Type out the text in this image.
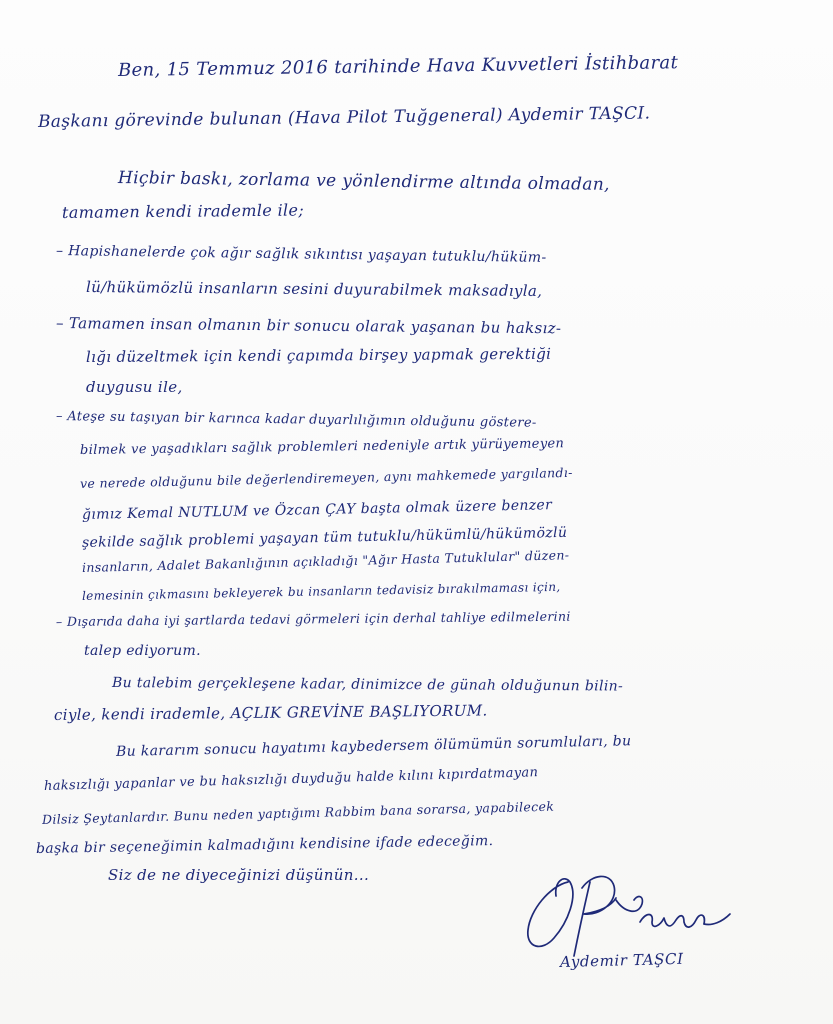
Ben, 15 Temmuz 2016 tarihinde Hava Kuvvetleri İstihbarat

Başkanı görevinde bulunan (Hava Pilot Tuğgeneral) Aydemir TAŞCI.

Hiçbir baskı, zorlama ve yönlendirme altında olmadan,

tamamen kendi irademle ile;

– Hapishanelerde çok ağır sağlık sıkıntısı yaşayan tutuklu/hüküm-

lü/hükümözlü insanların sesini duyurabilmek maksadıyla,

– Tamamen insan olmanın bir sonucu olarak yaşanan bu haksız-

lığı düzeltmek için kendi çapımda birşey yapmak gerektiği

duygusu ile,

– Ateşe su taşıyan bir karınca kadar duyarlılığımın olduğunu göstere-

bilmek ve yaşadıkları sağlık problemleri nedeniyle artık yürüyemeyen

ve nerede olduğunu bile değerlendiremeyen, aynı mahkemede yargılandı-

ğımız Kemal NUTLUM ve Özcan ÇAY başta olmak üzere benzer

şekilde sağlık problemi yaşayan tüm tutuklu/hükümlü/hükümözlü

insanların, Adalet Bakanlığının açıkladığı "Ağır Hasta Tutuklular" düzen-

lemesinin çıkmasını bekleyerek bu insanların tedavisiz bırakılmaması için,

– Dışarıda daha iyi şartlarda tedavi görmeleri için derhal tahliye edilmelerini

talep ediyorum.

Bu talebim gerçekleşene kadar, dinimizce de günah olduğunun bilin-

ciyle, kendi irademle, AÇLIK GREVİNE BAŞLIYORUM.

Bu kararım sonucu hayatımı kaybedersem ölümümün sorumluları, bu

haksızlığı yapanlar ve bu haksızlığı duyduğu halde kılını kıpırdatmayan

Dilsiz Şeytanlardır. Bunu neden yaptığımı Rabbim bana sorarsa, yapabilecek

başka bir seçeneğimin kalmadığını kendisine ifade edeceğim.

Siz de ne diyeceğinizi düşünün...

Aydemir TAŞCI
